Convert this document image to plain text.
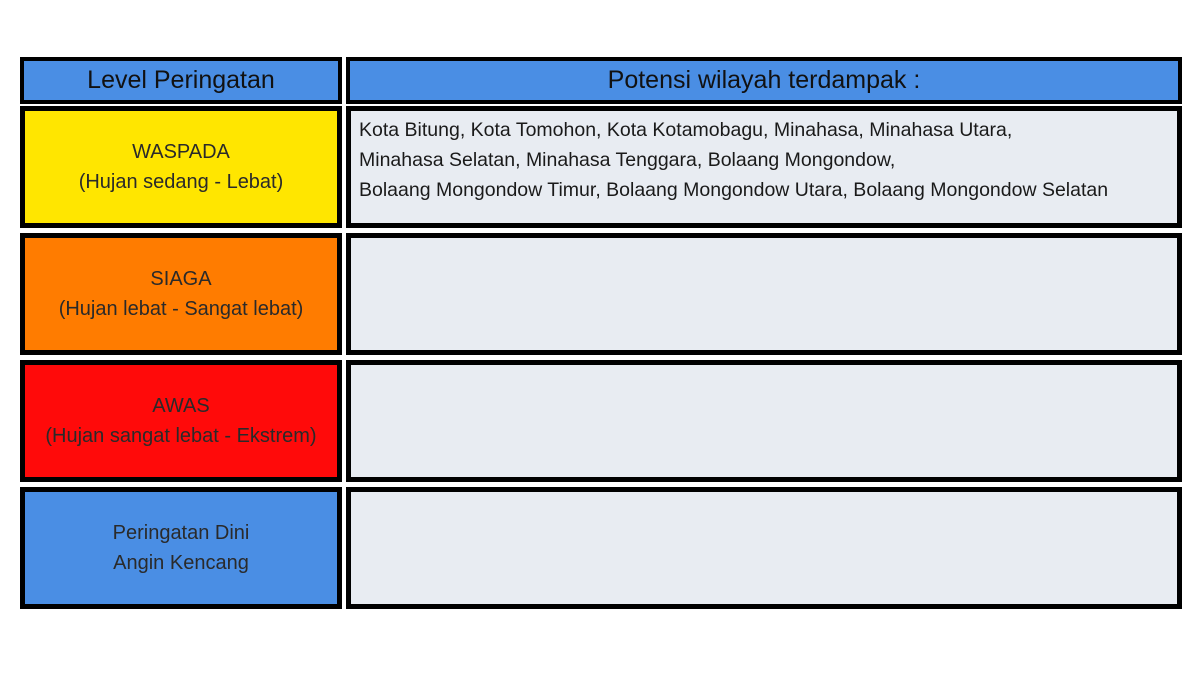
Level Peringatan	Potensi wilayah terdampak :
WASPADA
(Hujan sedang - Lebat)
Kota Bitung, Kota Tomohon, Kota Kotamobagu, Minahasa, Minahasa Utara,
Minahasa Selatan, Minahasa Tenggara, Bolaang Mongondow,
Bolaang Mongondow Timur, Bolaang Mongondow Utara, Bolaang Mongondow Selatan
SIAGA
(Hujan lebat - Sangat lebat)
AWAS
(Hujan sangat lebat - Ekstrem)
Peringatan Dini
Angin Kencang
